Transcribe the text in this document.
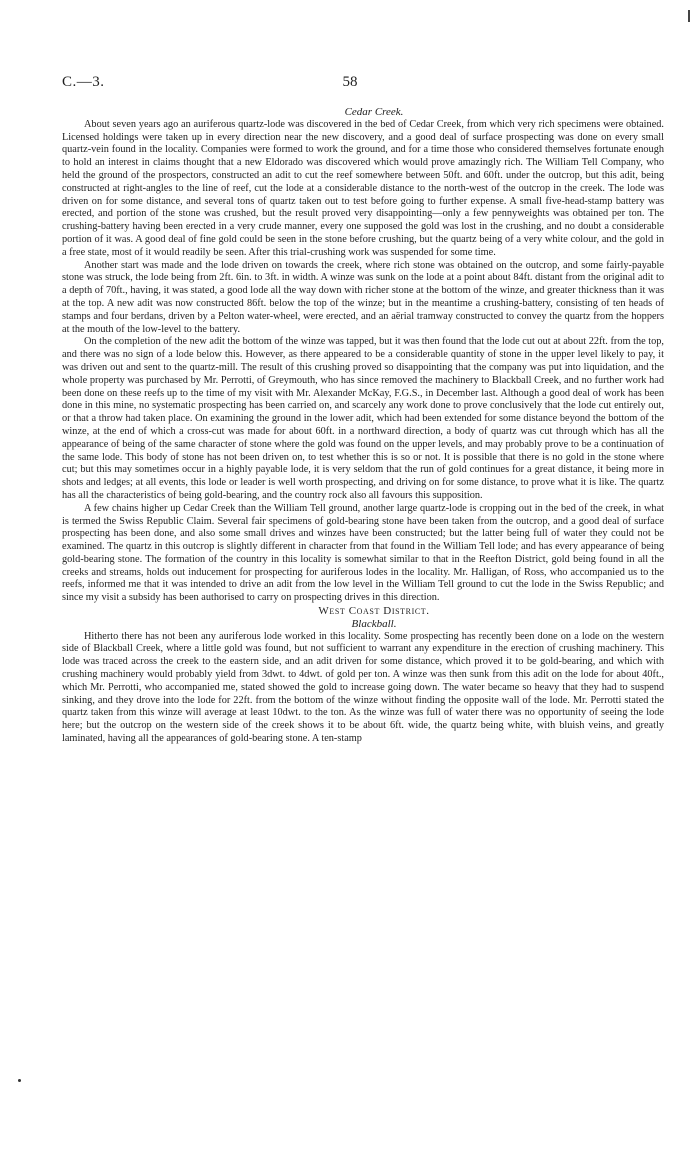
C.—3.	58

Cedar Creek.

About seven years ago an auriferous quartz-lode was discovered in the bed of Cedar Creek, from which very rich specimens were obtained. Licensed holdings were taken up in every direction near the new discovery, and a good deal of surface prospecting was done on every small quartz-vein found in the locality. Companies were formed to work the ground, and for a time those who considered themselves fortunate enough to hold an interest in claims thought that a new Eldorado was discovered which would prove amazingly rich. The William Tell Company, who held the ground of the prospectors, constructed an adit to cut the reef somewhere between 50ft. and 60ft. under the outcrop, but this adit, being constructed at right-angles to the line of reef, cut the lode at a considerable distance to the north-west of the outcrop in the creek. The lode was driven on for some distance, and several tons of quartz taken out to test before going to further expense. A small five-head-stamp battery was erected, and portion of the stone was crushed, but the result proved very disappointing—only a few pennyweights was obtained per ton. The crushing-battery having been erected in a very crude manner, every one supposed the gold was lost in the crushing, and no doubt a considerable portion of it was. A good deal of fine gold could be seen in the stone before crushing, but the quartz being of a very white colour, and the gold in a free state, most of it would readily be seen. After this trial-crushing work was suspended for some time.

Another start was made and the lode driven on towards the creek, where rich stone was obtained on the outcrop, and some fairly-payable stone was struck, the lode being from 2ft. 6in. to 3ft. in width. A winze was sunk on the lode at a point about 84ft. distant from the original adit to a depth of 70ft., having, it was stated, a good lode all the way down with richer stone at the bottom of the winze, and greater thickness than it was at the top. A new adit was now constructed 86ft. below the top of the winze; but in the meantime a crushing-battery, consisting of ten heads of stamps and four berdans, driven by a Pelton water-wheel, were erected, and an aërial tramway constructed to convey the quartz from the hoppers at the mouth of the low-level to the battery.

On the completion of the new adit the bottom of the winze was tapped, but it was then found that the lode cut out at about 22ft. from the top, and there was no sign of a lode below this. However, as there appeared to be a considerable quantity of stone in the upper level likely to pay, it was driven out and sent to the quartz-mill. The result of this crushing proved so disappointing that the company was put into liquidation, and the whole property was purchased by Mr. Perrotti, of Greymouth, who has since removed the machinery to Blackball Creek, and no further work had been done on these reefs up to the time of my visit with Mr. Alexander McKay, F.G.S., in December last. Although a good deal of work has been done in this mine, no systematic prospecting has been carried on, and scarcely any work done to prove conclusively that the lode cut entirely out, or that a throw had taken place. On examining the ground in the lower adit, which had been extended for some distance beyond the bottom of the winze, at the end of which a cross-cut was made for about 60ft. in a northward direction, a body of quartz was cut through which has all the appearance of being of the same character of stone where the gold was found on the upper levels, and may probably prove to be a continuation of the same lode. This body of stone has not been driven on, to test whether this is so or not. It is possible that there is no gold in the stone where cut; but this may sometimes occur in a highly payable lode, it is very seldom that the run of gold continues for a great distance, it being more in shots and ledges; at all events, this lode or leader is well worth prospecting, and driving on for some distance, to prove what it is like. The quartz has all the characteristics of being gold-bearing, and the country rock also all favours this supposition.

A few chains higher up Cedar Creek than the William Tell ground, another large quartz-lode is cropping out in the bed of the creek, in what is termed the Swiss Republic Claim. Several fair specimens of gold-bearing stone have been taken from the outcrop, and a good deal of surface prospecting has been done, and also some small drives and winzes have been constructed; but the latter being full of water they could not be examined. The quartz in this outcrop is slightly different in character from that found in the William Tell lode; and has every appearance of being gold-bearing stone. The formation of the country in this locality is somewhat similar to that in the Reefton District, gold being found in all the creeks and streams, holds out inducement for prospecting for auriferous lodes in the locality. Mr. Halligan, of Ross, who accompanied us to the reefs, informed me that it was intended to drive an adit from the low level in the William Tell ground to cut the lode in the Swiss Republic; and since my visit a subsidy has been authorised to carry on prospecting drives in this direction.

West Coast District.

Blackball.

Hitherto there has not been any auriferous lode worked in this locality. Some prospecting has recently been done on a lode on the western side of Blackball Creek, where a little gold was found, but not sufficient to warrant any expenditure in the erection of crushing machinery. This lode was traced across the creek to the eastern side, and an adit driven for some distance, which proved it to be gold-bearing, and which with crushing machinery would probably yield from 3dwt. to 4dwt. of gold per ton. A winze was then sunk from this adit on the lode for about 40ft., which Mr. Perrotti, who accompanied me, stated showed the gold to increase going down. The water became so heavy that they had to suspend sinking, and they drove into the lode for 22ft. from the bottom of the winze without finding the opposite wall of the lode. Mr. Perrotti stated the quartz taken from this winze will average at least 10dwt. to the ton. As the winze was full of water there was no opportunity of seeing the lode here; but the outcrop on the western side of the creek shows it to be about 6ft. wide, the quartz being white, with bluish veins, and greatly laminated, having all the appearances of gold-bearing stone. A ten-stamp
